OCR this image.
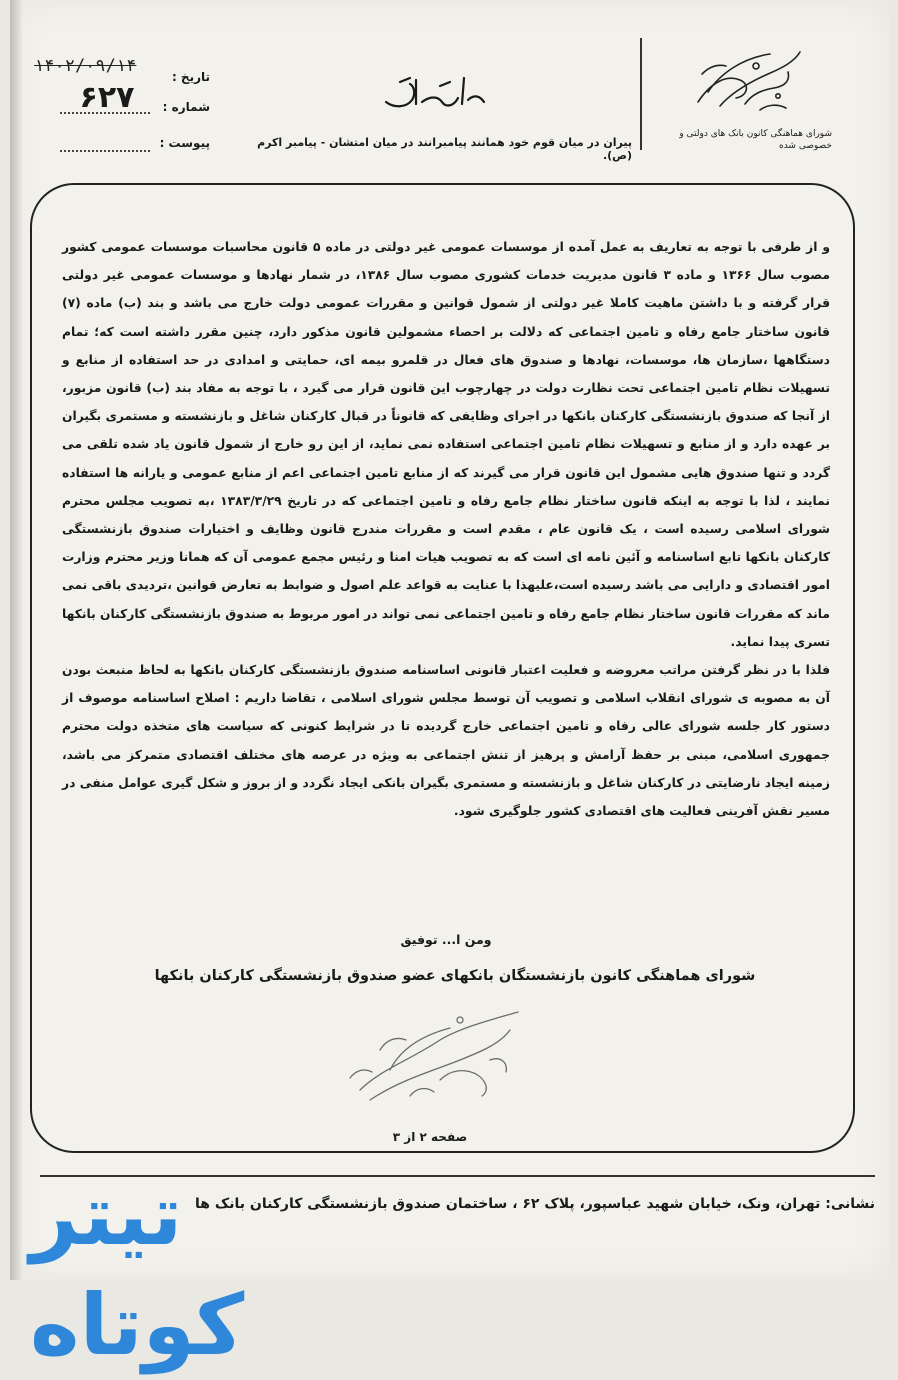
شورای هماهنگی کانون بانک های دولتی و خصوصی شده
پیران در میان قوم خود همانند پیامبرانند در میان امتشان - پیامبر اکرم (ص).
تاریخ :
شماره :
پیوست :
۱۴۰۲/۰۹/۱۴
۶۲۷

و از طرفی با توجه به تعاریف به عمل آمده از موسسات عمومی غیر دولتی در ماده ۵ قانون محاسبات موسسات عمومی کشور مصوب سال ۱۳۶۶ و ماده ۳ قانون مدیریت خدمات کشوری مصوب سال ۱۳۸۶، در شمار نهادها و موسسات عمومی غیر دولتی قرار گرفته و با داشتن ماهیت کاملا غیر دولتی از شمول قوانین و مقررات عمومی دولت خارج می باشد و بند (ب) ماده (۷) قانون ساختار جامع رفاه و تامین اجتماعی که دلالت بر احصاء مشمولین قانون مذکور دارد، چنین مقرر داشته است که؛ تمام دستگاهها ،سازمان ها، موسسات، نهادها و صندوق های فعال در قلمرو بیمه ای، حمایتی و امدادی در حد استفاده از منابع و تسهیلات نظام تامین اجتماعی تحت نظارت دولت در چهارچوب این قانون قرار می گیرد ، با توجه به مفاد بند (ب) قانون مزبور، از آنجا که صندوق بازنشستگی کارکنان بانکها در اجرای وظایفی که قانوناً در قبال کارکنان شاغل و بازنشسته و مستمری بگیران بر عهده دارد و از منابع و تسهیلات نظام تامین اجتماعی استفاده نمی نماید، از این رو خارج از شمول قانون یاد شده تلقی می گردد و تنها صندوق هایی مشمول این قانون قرار می گیرند که از منابع تامین اجتماعی اعم از منابع عمومی و یارانه ها استفاده نمایند ، لذا با توجه به اینکه قانون ساختار نظام جامع رفاه و تامین اجتماعی که در تاریخ ۱۳۸۳/۳/۲۹ ،به تصویب مجلس محترم شورای اسلامی رسیده است ، یک قانون عام ، مقدم است و مقررات مندرج قانون وظایف و اختیارات صندوق بازنشستگی کارکنان بانکها تابع اساسنامه و آئین نامه ای است که به تصویب هیات امنا و رئیس مجمع عمومی آن که همانا وزیر محترم وزارت امور اقتصادی و دارایی می باشد رسیده است،علیهذا با عنایت به قواعد علم اصول و ضوابط به تعارض قوانین ،تردیدی باقی نمی ماند که مقررات قانون ساختار نظام جامع رفاه و تامین اجتماعی نمی تواند در امور مربوط به صندوق بازنشستگی کارکنان بانکها تسری پیدا نماید.

فلذا با در نظر گرفتن مراتب معروضه و فعلیت اعتبار قانونی اساسنامه صندوق بازنشستگی کارکنان بانکها به لحاظ منبعث بودن آن به مصوبه ی شورای انقلاب اسلامی و تصویب آن توسط مجلس شورای اسلامی ، تقاضا داریم : اصلاح اساسنامه موصوف از دستور کار جلسه شورای عالی رفاه و تامین اجتماعی خارج گردیده تا در شرایط کنونی که سیاست های متخذه دولت محترم جمهوری اسلامی، مبنی بر حفظ آرامش و پرهیز از تنش اجتماعی به ویژه در عرصه های مختلف اقتصادی متمرکز می باشد، زمینه ایجاد نارضایتی در کارکنان شاغل و بازنشسته و مستمری بگیران بانکی ایجاد نگردد و از بروز و شکل گیری عوامل منفی در مسیر نقش آفرینی فعالیت های اقتصادی کشور جلوگیری شود.

ومن ا... توفیق
شورای هماهنگی کانون بازنشستگان بانکهای عضو صندوق بازنشستگی کارکنان بانکها
صفحه ۲ از ۳
نشانی: تهران، ونک، خیابان شهید عباسپور، پلاک ۶۲ ، ساختمان صندوق بازنشستگی کارکنان بانک ها
تیتر کوتاه
